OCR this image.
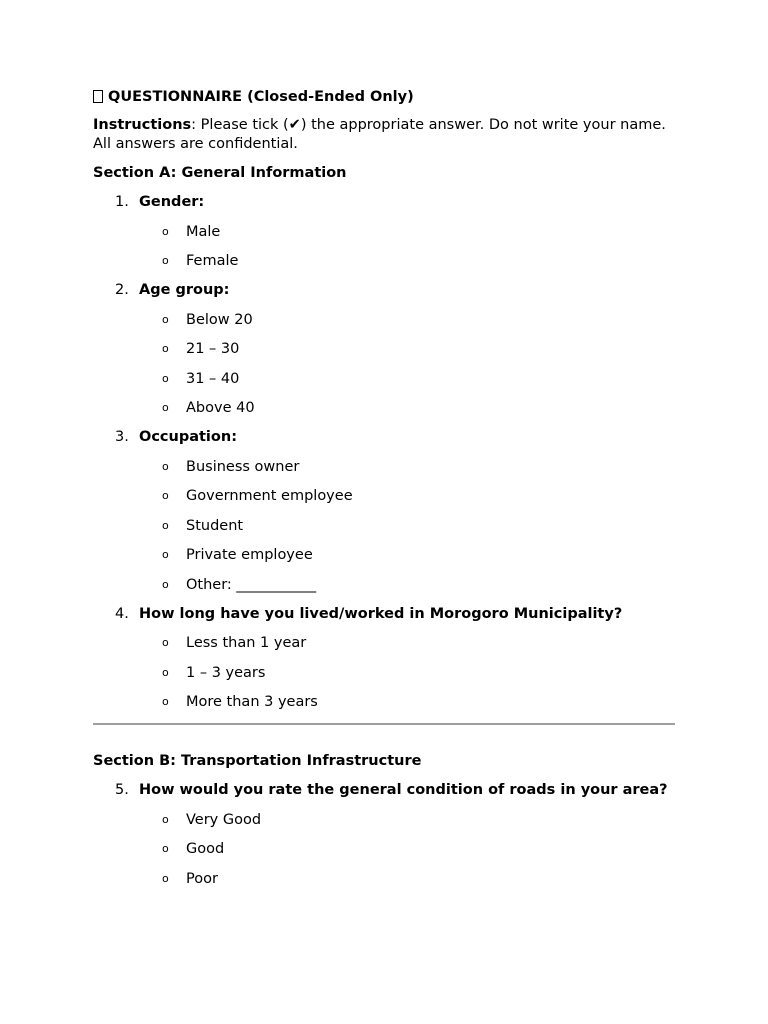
QUESTIONNAIRE (Closed-Ended Only)
Instructions: Please tick (✔) the appropriate answer. Do not write your name. All answers are confidential.
Section A: General Information
1. Gender:
o Male
o Female
2. Age group:
o Below 20
o 21 – 30
o 31 – 40
o Above 40
3. Occupation:
o Business owner
o Government employee
o Student
o Private employee
o Other: ___________
4. How long have you lived/worked in Morogoro Municipality?
o Less than 1 year
o 1 – 3 years
o More than 3 years
Section B: Transportation Infrastructure
5. How would you rate the general condition of roads in your area?
o Very Good
o Good
o Poor
